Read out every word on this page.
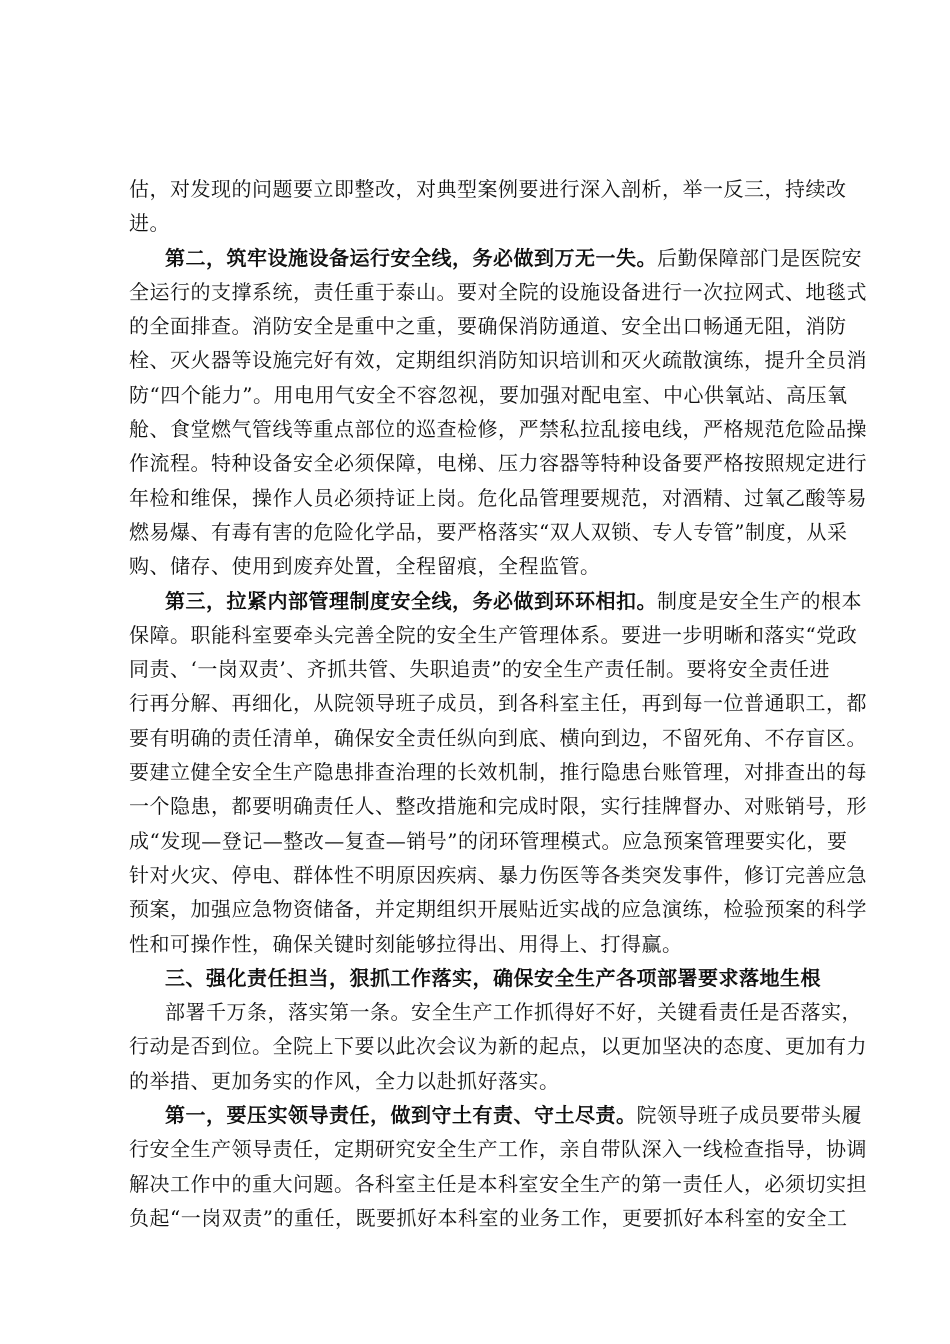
估，对发现的问题要立即整改，对典型案例要进行深入剖析，举一反三，持续改
进。
第二，筑牢设施设备运行安全线，务必做到万无一失。后勤保障部门是医院安
全运行的支撑系统，责任重于泰山。要对全院的设施设备进行一次拉网式、地毯式
的全面排查。消防安全是重中之重，要确保消防通道、安全出口畅通无阻，消防
栓、灭火器等设施完好有效，定期组织消防知识培训和灭火疏散演练，提升全员消
防“四个能力”。用电用气安全不容忽视，要加强对配电室、中心供氧站、高压氧
舱、食堂燃气管线等重点部位的巡查检修，严禁私拉乱接电线，严格规范危险品操
作流程。特种设备安全必须保障，电梯、压力容器等特种设备要严格按照规定进行
年检和维保，操作人员必须持证上岗。危化品管理要规范，对酒精、过氧乙酸等易
燃易爆、有毒有害的危险化学品，要严格落实“双人双锁、专人专管”制度，从采
购、储存、使用到废弃处置，全程留痕，全程监管。
第三，拉紧内部管理制度安全线，务必做到环环相扣。制度是安全生产的根本
保障。职能科室要牵头完善全院的安全生产管理体系。要进一步明晰和落实“党政
同责、‘一岗双责’、齐抓共管、失职追责”的安全生产责任制。要将安全责任进
行再分解、再细化，从院领导班子成员，到各科室主任，再到每一位普通职工，都
要有明确的责任清单，确保安全责任纵向到底、横向到边，不留死角、不存盲区。
要建立健全安全生产隐患排查治理的长效机制，推行隐患台账管理，对排查出的每
一个隐患，都要明确责任人、整改措施和完成时限，实行挂牌督办、对账销号，形
成“发现—登记—整改—复查—销号”的闭环管理模式。应急预案管理要实化，要
针对火灾、停电、群体性不明原因疾病、暴力伤医等各类突发事件，修订完善应急
预案，加强应急物资储备，并定期组织开展贴近实战的应急演练，检验预案的科学
性和可操作性，确保关键时刻能够拉得出、用得上、打得赢。
三、强化责任担当，狠抓工作落实，确保安全生产各项部署要求落地生根
部署千万条，落实第一条。安全生产工作抓得好不好，关键看责任是否落实，
行动是否到位。全院上下要以此次会议为新的起点，以更加坚决的态度、更加有力
的举措、更加务实的作风，全力以赴抓好落实。
第一，要压实领导责任，做到守土有责、守土尽责。院领导班子成员要带头履
行安全生产领导责任，定期研究安全生产工作，亲自带队深入一线检查指导，协调
解决工作中的重大问题。各科室主任是本科室安全生产的第一责任人，必须切实担
负起“一岗双责”的重任，既要抓好本科室的业务工作，更要抓好本科室的安全工
